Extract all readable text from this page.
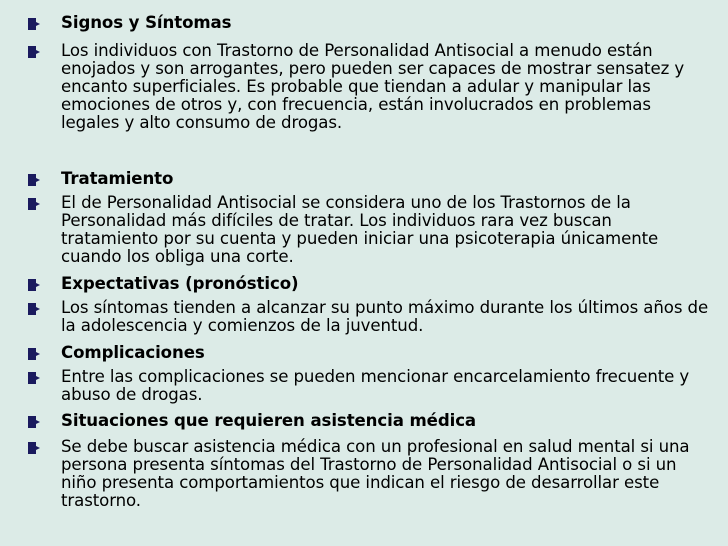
Signos y Síntomas
Los individuos con Trastorno de Personalidad Antisocial a menudo están enojados y son arrogantes, pero pueden ser capaces de mostrar sensatez y encanto superficiales. Es probable que tiendan a adular y manipular las emociones de otros y, con frecuencia, están involucrados en problemas legales y alto consumo de drogas.
Tratamiento
El de Personalidad Antisocial se considera uno de los Trastornos de la Personalidad más difíciles de tratar. Los individuos rara vez buscan tratamiento por su cuenta y pueden iniciar una psicoterapia únicamente cuando los obliga una corte.
Expectativas (pronóstico)
Los síntomas tienden a alcanzar su punto máximo durante los últimos años de la adolescencia y comienzos de la juventud.
Complicaciones
Entre las complicaciones se pueden mencionar encarcelamiento frecuente y abuso de drogas.
Situaciones que requieren asistencia médica
Se debe buscar asistencia médica con un profesional en salud mental si una persona presenta síntomas del Trastorno de Personalidad Antisocial o si un niño presenta comportamientos que indican el riesgo de desarrollar este trastorno.
